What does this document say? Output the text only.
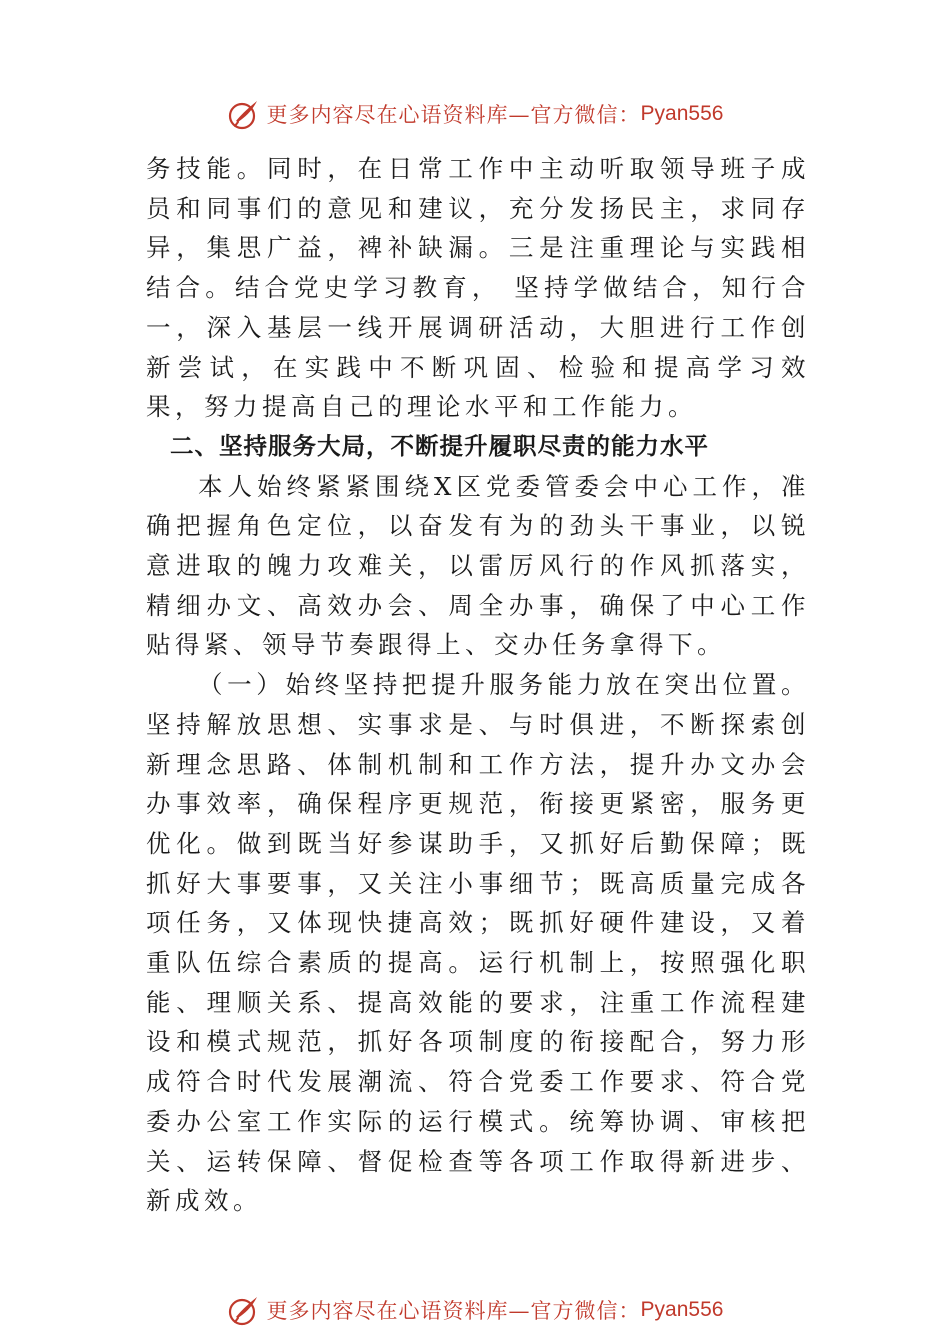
更多内容尽在心语资料库—官方微信： Pyan556

务技能。同时，在日常工作中主动听取领导班子成员和同事们的意见和建议，充分发扬民主，求同存异，集思广益，裨补缺漏。三是注重理论与实践相结合。结合党史学习教育， 坚持学做结合，知行合一，深入基层一线开展调研活动，大胆进行工作创新尝试，在实践中不断巩固、检验和提高学习效果，努力提高自己的理论水平和工作能力。

二、坚持服务大局，不断提升履职尽责的能力水平

本人始终紧紧围绕X区党委管委会中心工作，准确把握角色定位，以奋发有为的劲头干事业，以锐意进取的魄力攻难关，以雷厉风行的作风抓落实，精细办文、高效办会、周全办事，确保了中心工作贴得紧、领导节奏跟得上、交办任务拿得下。

（一）始终坚持把提升服务能力放在突出位置。坚持解放思想、实事求是、与时俱进，不断探索创新理念思路、体制机制和工作方法，提升办文办会办事效率，确保程序更规范，衔接更紧密，服务更优化。做到既当好参谋助手，又抓好后勤保障；既抓好大事要事，又关注小事细节；既高质量完成各项任务，又体现快捷高效；既抓好硬件建设，又着重队伍综合素质的提高。运行机制上，按照强化职能、理顺关系、提高效能的要求，注重工作流程建设和模式规范，抓好各项制度的衔接配合，努力形成符合时代发展潮流、符合党委工作要求、符合党委办公室工作实际的运行模式。统筹协调、审核把关、运转保障、督促检查等各项工作取得新进步、新成效。

更多内容尽在心语资料库—官方微信： Pyan556
